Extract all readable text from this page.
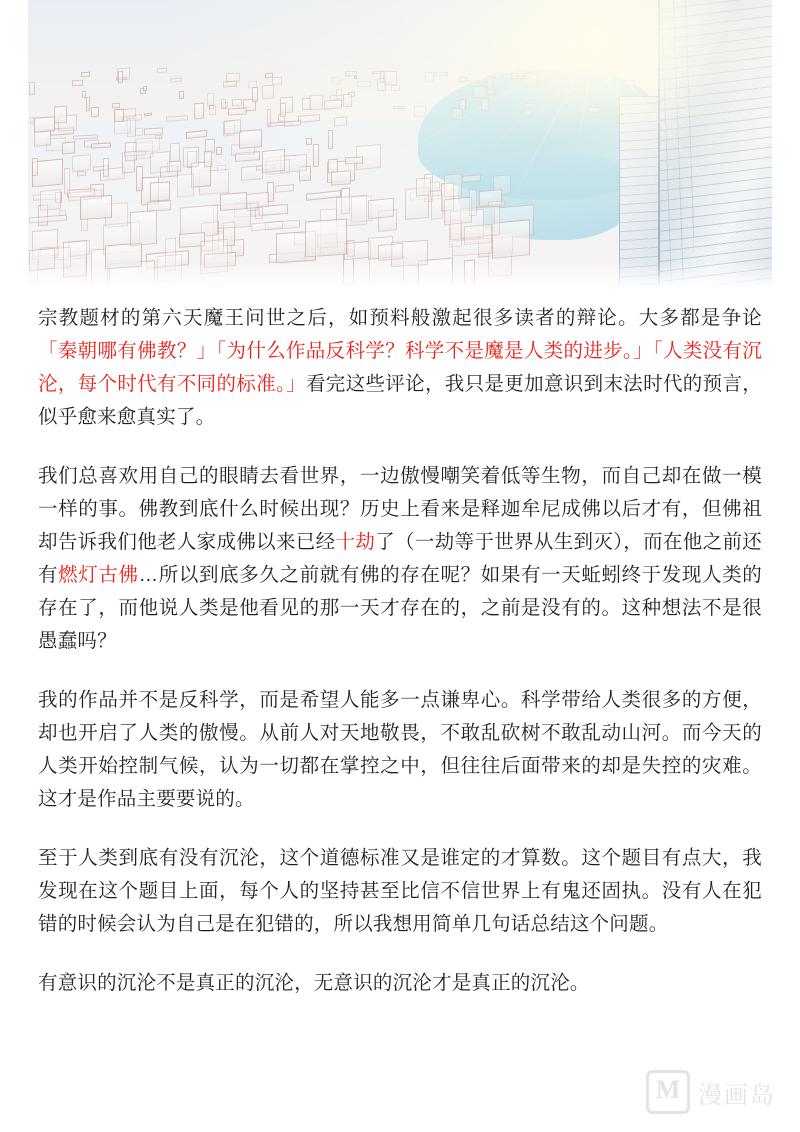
宗教题材的第六天魔王问世之后，如预料般激起很多读者的辩论。大多都是争论「秦朝哪有佛教？」「为什么作品反科学？科学不是魔是人类的进步。」「人类没有沉沦，每个时代有不同的标准。」看完这些评论，我只是更加意识到末法时代的预言，似乎愈来愈真实了。

我们总喜欢用自己的眼睛去看世界，一边傲慢嘲笑着低等生物，而自己却在做一模一样的事。佛教到底什么时候出现？历史上看来是释迦牟尼成佛以后才有，但佛祖却告诉我们他老人家成佛以来已经十劫了（一劫等于世界从生到灭），而在他之前还有燃灯古佛…所以到底多久之前就有佛的存在呢？如果有一天蚯蚓终于发现人类的存在了，而他说人类是他看见的那一天才存在的，之前是没有的。这种想法不是很愚蠢吗？

我的作品并不是反科学，而是希望人能多一点谦卑心。科学带给人类很多的方便，却也开启了人类的傲慢。从前人对天地敬畏，不敢乱砍树不敢乱动山河。而今天的人类开始控制气候，认为一切都在掌控之中，但往往后面带来的却是失控的灾难。这才是作品主要要说的。

至于人类到底有没有沉沦，这个道德标准又是谁定的才算数。这个题目有点大，我发现在这个题目上面，每个人的坚持甚至比信不信世界上有鬼还固执。没有人在犯错的时候会认为自己是在犯错的，所以我想用简单几句话总结这个问题。

有意识的沉沦不是真正的沉沦，无意识的沉沦才是真正的沉沦。

M 漫画岛
